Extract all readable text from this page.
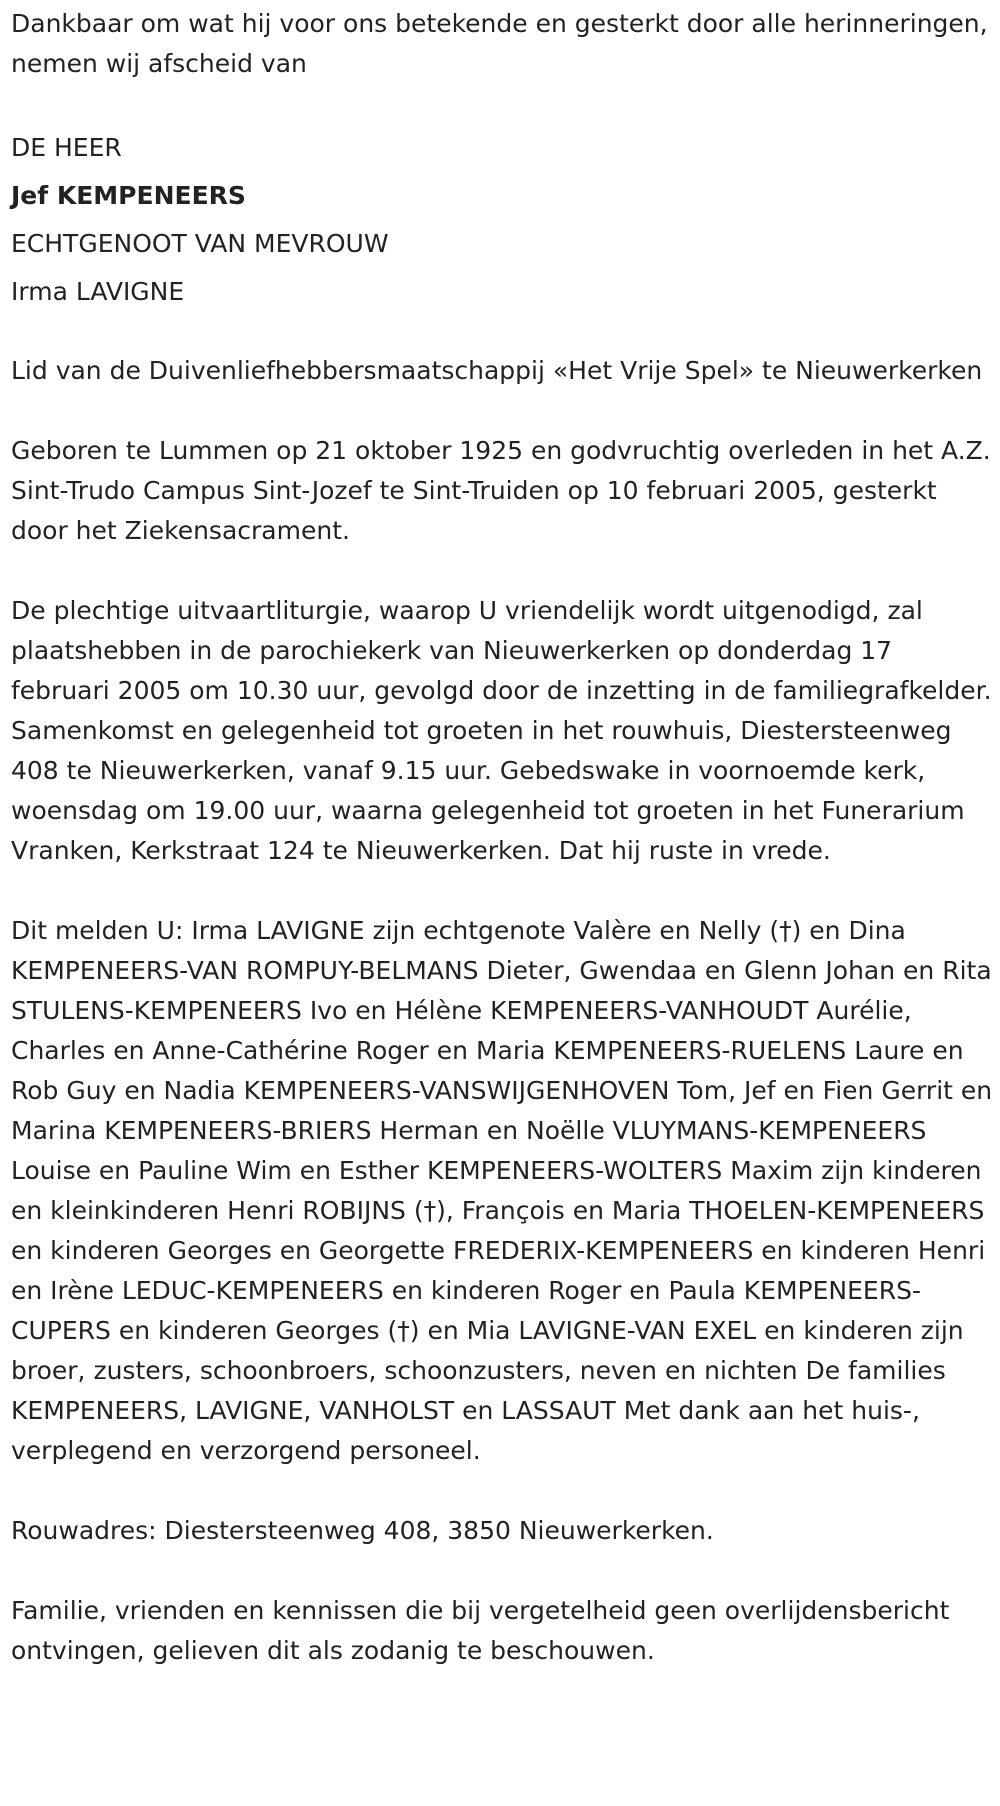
Dankbaar om wat hij voor ons betekende en gesterkt door alle herinneringen, nemen wij afscheid van

DE HEER

Jef KEMPENEERS

ECHTGENOOT VAN MEVROUW

Irma LAVIGNE

Lid van de Duivenliefhebbersmaatschappij «Het Vrije Spel» te Nieuwerkerken

Geboren te Lummen op 21 oktober 1925 en godvruchtig overleden in het A.Z. Sint-Trudo Campus Sint-Jozef te Sint-Truiden op 10 februari 2005, gesterkt door het Ziekensacrament.

De plechtige uitvaartliturgie, waarop U vriendelijk wordt uitgenodigd, zal plaatshebben in de parochiekerk van Nieuwerkerken op donderdag 17 februari 2005 om 10.30 uur, gevolgd door de inzetting in de familiegrafkelder. Samenkomst en gelegenheid tot groeten in het rouwhuis, Diestersteenweg 408 te Nieuwerkerken, vanaf 9.15 uur. Gebedswake in voornoemde kerk, woensdag om 19.00 uur, waarna gelegenheid tot groeten in het Funerarium Vranken, Kerkstraat 124 te Nieuwerkerken. Dat hij ruste in vrede.

Dit melden U: Irma LAVIGNE zijn echtgenote Valère en Nelly (†) en Dina KEMPENEERS-VAN ROMPUY-BELMANS Dieter, Gwendaa en Glenn Johan en Rita STULENS-KEMPENEERS Ivo en Hélène KEMPENEERS-VANHOUDT Aurélie, Charles en Anne-Cathérine Roger en Maria KEMPENEERS-RUELENS Laure en Rob Guy en Nadia KEMPENEERS-VANSWIJGENHOVEN Tom, Jef en Fien Gerrit en Marina KEMPENEERS-BRIERS Herman en Noëlle VLUYMANS-KEMPENEERS Louise en Pauline Wim en Esther KEMPENEERS-WOLTERS Maxim zijn kinderen en kleinkinderen Henri ROBIJNS (†), François en Maria THOELEN-KEMPENEERS en kinderen Georges en Georgette FREDERIX-KEMPENEERS en kinderen Henri en Irène LEDUC-KEMPENEERS en kinderen Roger en Paula KEMPENEERS-CUPERS en kinderen Georges (†) en Mia LAVIGNE-VAN EXEL en kinderen zijn broer, zusters, schoonbroers, schoonzusters, neven en nichten De families KEMPENEERS, LAVIGNE, VANHOLST en LASSAUT Met dank aan het huis-, verplegend en verzorgend personeel.

Rouwadres: Diestersteenweg 408, 3850 Nieuwerkerken.

Familie, vrienden en kennissen die bij vergetelheid geen overlijdensbericht ontvingen, gelieven dit als zodanig te beschouwen.
